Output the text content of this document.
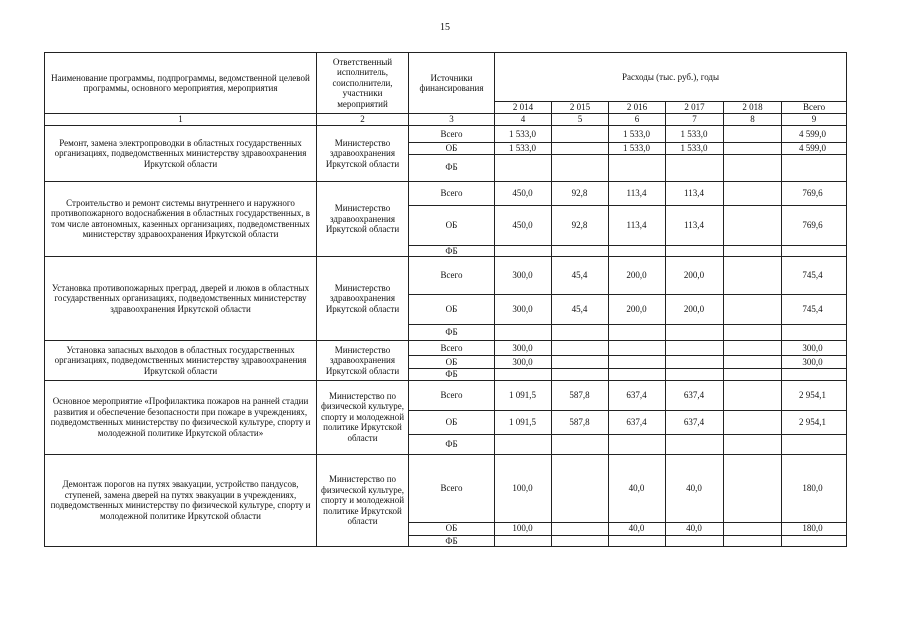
15
Наименование программы, подпрограммы, ведомственной целевой программы, основного мероприятия, мероприятия	Ответственный исполнитель, соисполнители, участники мероприятий	Источники финансирования	Расходы (тыс. руб.), годы					
			2 014	2 015	2 016	2 017	2 018	Всего
1	2	3	4	5	6	7	8	9
Ремонт, замена электропроводки в областных государственных организациях, подведомственных министерству здравоохранения Иркутской области	Министерство здравоохранения Иркутской области	Всего	1 533,0		1 533,0	1 533,0		4 599,0
		ОБ	1 533,0		1 533,0	1 533,0		4 599,0
		ФБ						
Строительство и ремонт системы внутреннего и наружного противопожарного водоснабжения в областных государственных, в том числе автономных, казенных организациях, подведомственных министерству здравоохранения Иркутской области	Министерство здравоохранения Иркутской области	Всего	450,0	92,8	113,4	113,4		769,6
		ОБ	450,0	92,8	113,4	113,4		769,6
		ФБ						
Установка противопожарных преград, дверей и люков в областных государственных организациях, подведомственных министерству здравоохранения Иркутской области	Министерство здравоохранения Иркутской области	Всего	300,0	45,4	200,0	200,0		745,4
		ОБ	300,0	45,4	200,0	200,0		745,4
		ФБ						
Установка запасных выходов в областных государственных организациях, подведомственных министерству здравоохранения Иркутской области	Министерство здравоохранения Иркутской области	Всего	300,0					300,0
		ОБ	300,0					300,0
		ФБ						
Основное мероприятие «Профилактика пожаров на ранней стадии развития и обеспечение безопасности при пожаре в учреждениях, подведомственных министерству по физической культуре, спорту и молодежной политике Иркутской области»	Министерство по физической культуре, спорту и молодежной политике Иркутской области	Всего	1 091,5	587,8	637,4	637,4		2 954,1
		ОБ	1 091,5	587,8	637,4	637,4		2 954,1
		ФБ						
Демонтаж порогов на путях эвакуации, устройство пандусов, ступеней, замена дверей на путях эвакуации в учреждениях, подведомственных министерству по физической культуре, спорту и молодежной политике Иркутской области	Министерство по физической культуре, спорту и молодежной политике Иркутской области	Всего	100,0		40,0	40,0		180,0
		ОБ	100,0		40,0	40,0		180,0
		ФБ						
